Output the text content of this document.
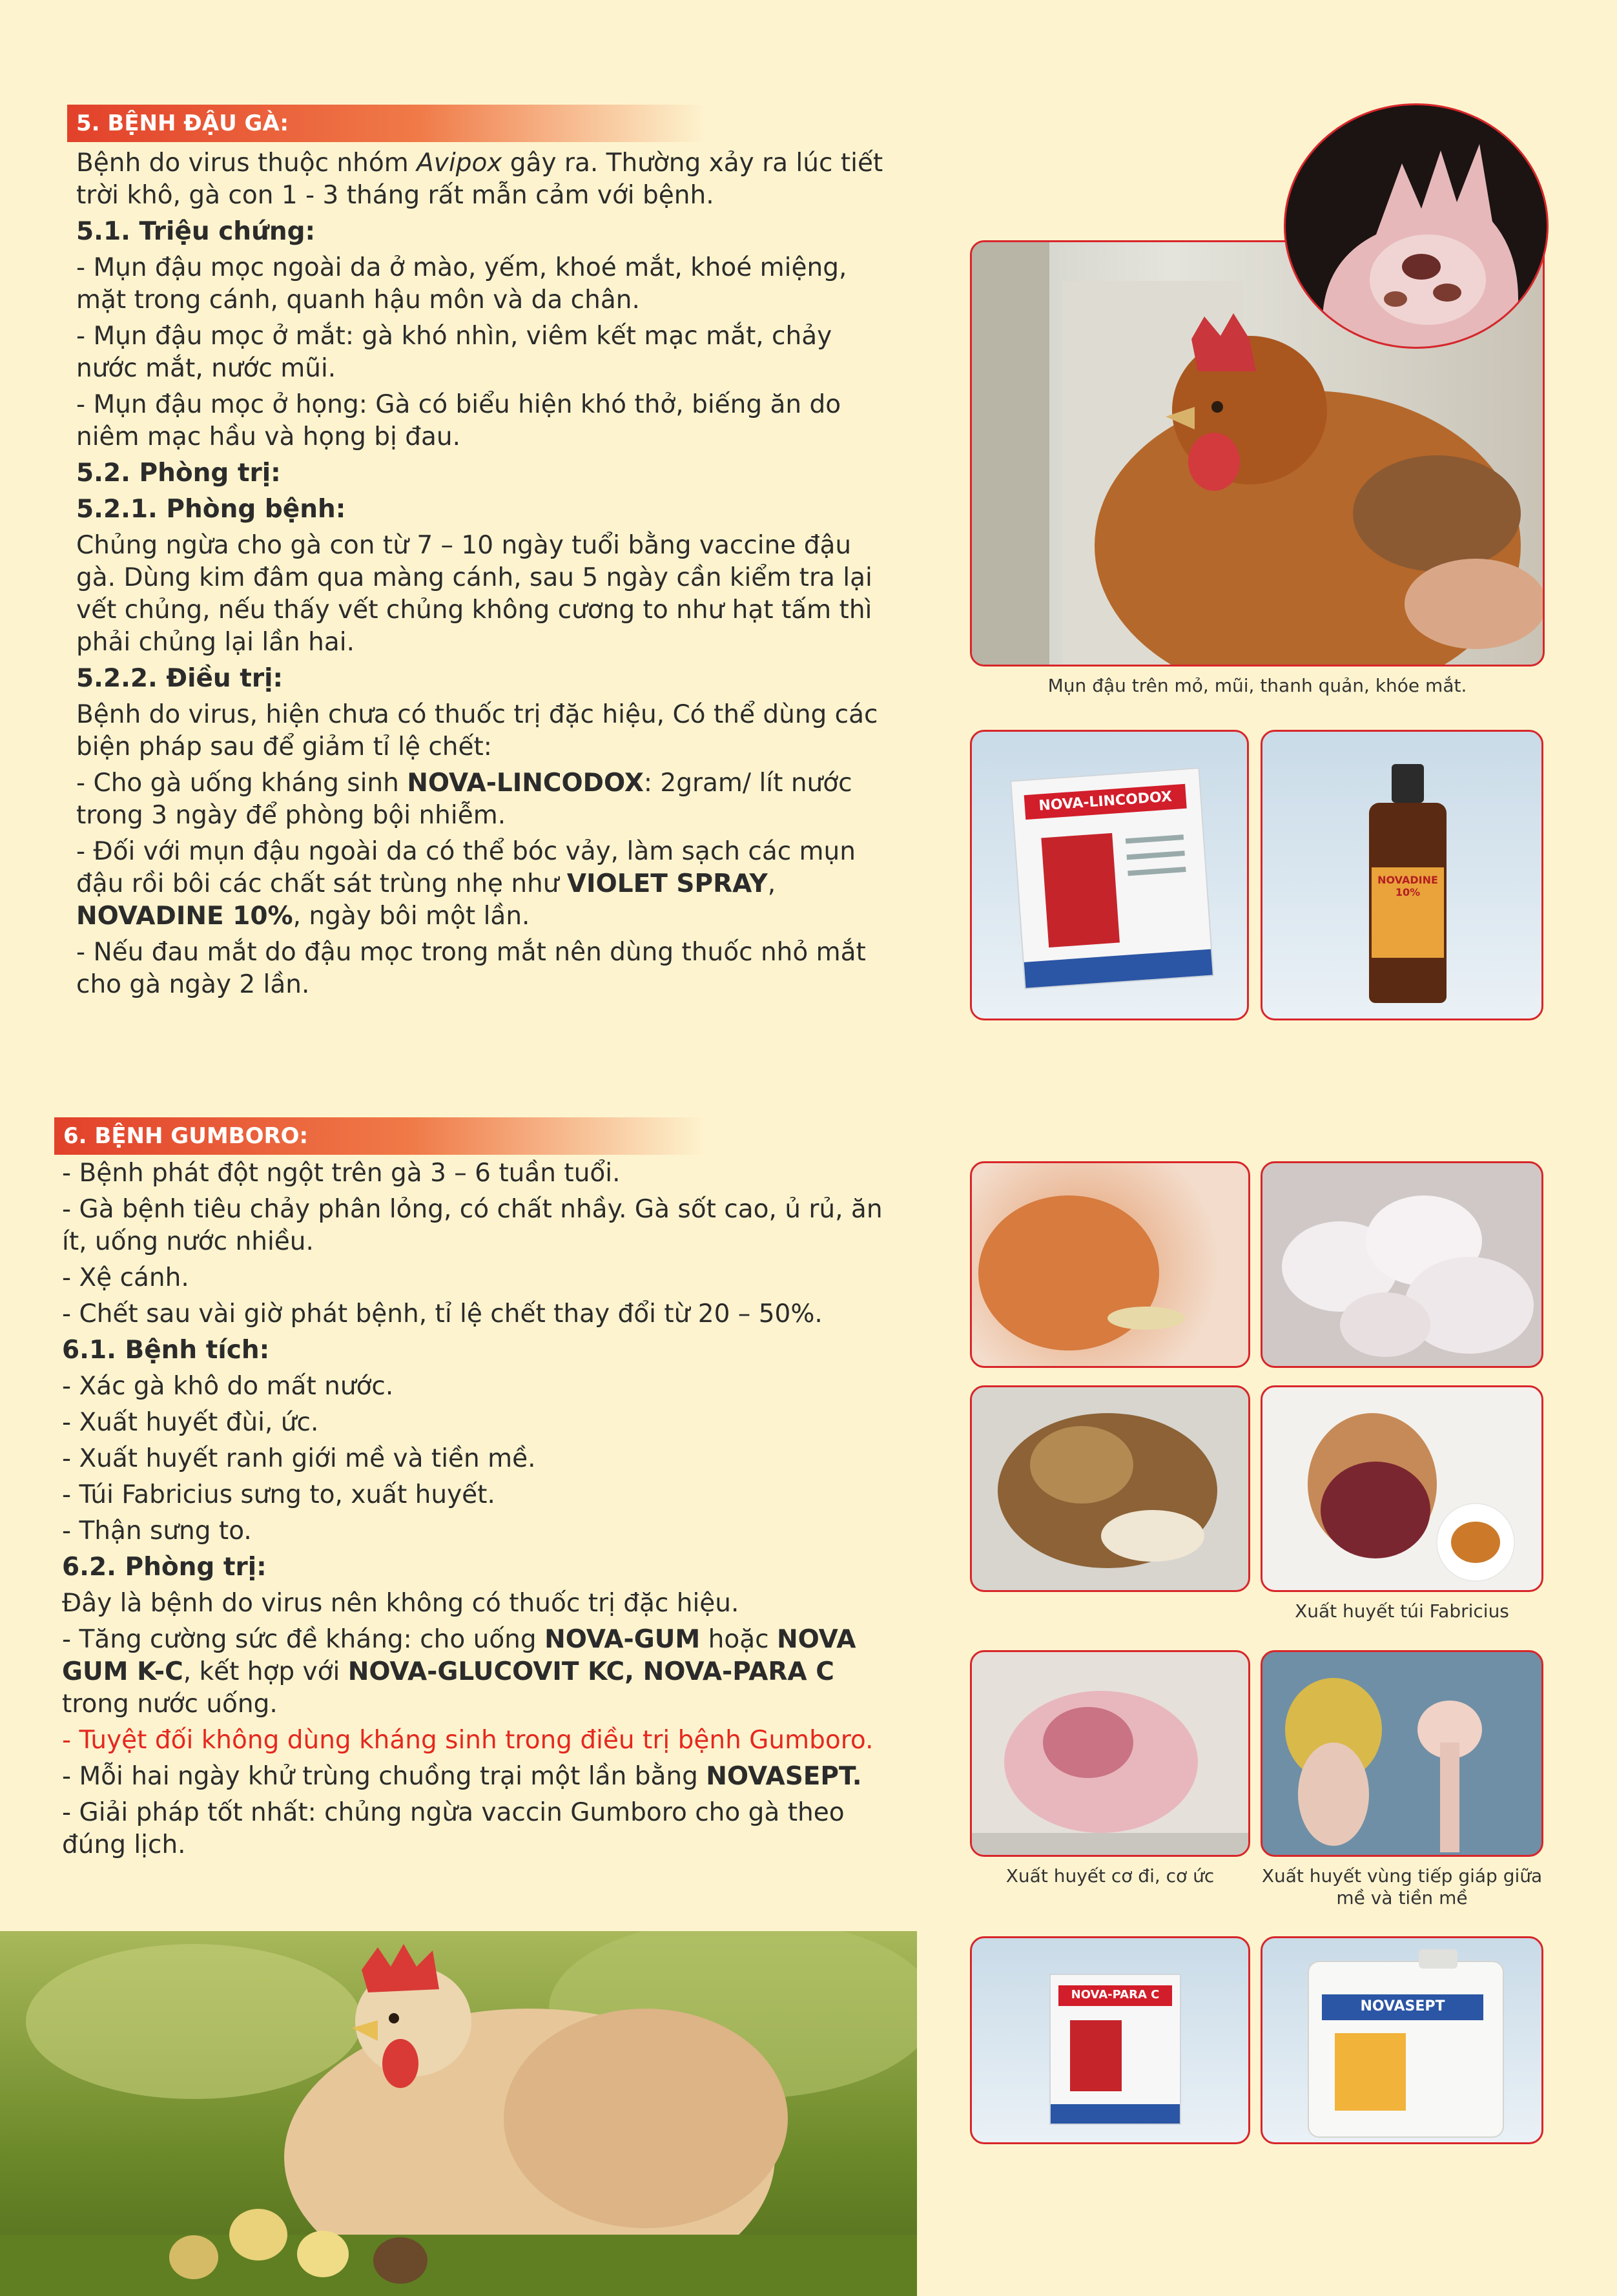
5. BỆNH ĐẬU GÀ:

Bệnh do virus thuộc nhóm Avipox gây ra. Thường xảy ra lúc tiết trời khô, gà con 1 - 3 tháng rất mẫn cảm với bệnh.

5.1. Triệu chứng:

- Mụn đậu mọc ngoài da ở mào, yếm, khoé mắt, khoé miệng, mặt trong cánh, quanh hậu môn và da chân.

- Mụn đậu mọc ở mắt: gà khó nhìn, viêm kết mạc mắt, chảy nước mắt, nước mũi.

- Mụn đậu mọc ở họng: Gà có biểu hiện khó thở, biếng ăn do niêm mạc hầu và họng bị đau.

5.2. Phòng trị:

5.2.1. Phòng bệnh:

Chủng ngừa cho gà con từ 7 – 10 ngày tuổi bằng vaccine đậu gà. Dùng kim đâm qua màng cánh, sau 5 ngày cần kiểm tra lại vết chủng, nếu thấy vết chủng không cương to như hạt tấm thì phải chủng lại lần hai.

5.2.2. Điều trị:

Bệnh do virus, hiện chưa có thuốc trị đặc hiệu, Có thể dùng các biện pháp sau để giảm tỉ lệ chết:

- Cho gà uống kháng sinh NOVA-LINCODOX: 2gram/ lít nước trong 3 ngày để phòng bội nhiễm.

- Đối với mụn đậu ngoài da có thể bóc vảy, làm sạch các mụn đậu rồi bôi các chất sát trùng nhẹ như VIOLET SPRAY, NOVADINE 10%, ngày bôi một lần.

- Nếu đau mắt do đậu mọc trong mắt nên dùng thuốc nhỏ mắt cho gà ngày 2 lần.

Mụn đậu trên mỏ, mũi, thanh quản, khóe mắt.
NOVA-LINCODOX
NOVADINE 10%
6. BỆNH GUMBORO:

- Bệnh phát đột ngột trên gà 3 – 6 tuần tuổi.

- Gà bệnh tiêu chảy phân lỏng, có chất nhầy. Gà sốt cao, ủ rủ, ăn ít, uống nước nhiều.

- Xệ cánh.

- Chết sau vài giờ phát bệnh, tỉ lệ chết thay đổi từ 20 – 50%.

6.1. Bệnh tích:

- Xác gà khô do mất nước.

- Xuất huyết đùi, ức.

- Xuất huyết ranh giới mề và tiền mề.

- Túi Fabricius sưng to, xuất huyết.

- Thận sưng to.

6.2. Phòng trị:

Đây là bệnh do virus nên không có thuốc trị đặc hiệu.

- Tăng cường sức đề kháng: cho uống NOVA-GUM hoặc NOVA GUM K-C, kết hợp với NOVA-GLUCOVIT KC, NOVA-PARA C trong nước uống.

- Tuyệt đối không dùng kháng sinh trong điều trị bệnh Gumboro.

- Mỗi hai ngày khử trùng chuồng trại một lần bằng NOVASEPT.

- Giải pháp tốt nhất: chủng ngừa vaccin Gumboro cho gà theo đúng lịch.

Xuất huyết túi Fabricius
Xuất huyết cơ đi, cơ ức	Xuất huyết vùng tiếp giáp giữa mề và tiền mề
NOVA-PARA C
NOVASEPT
